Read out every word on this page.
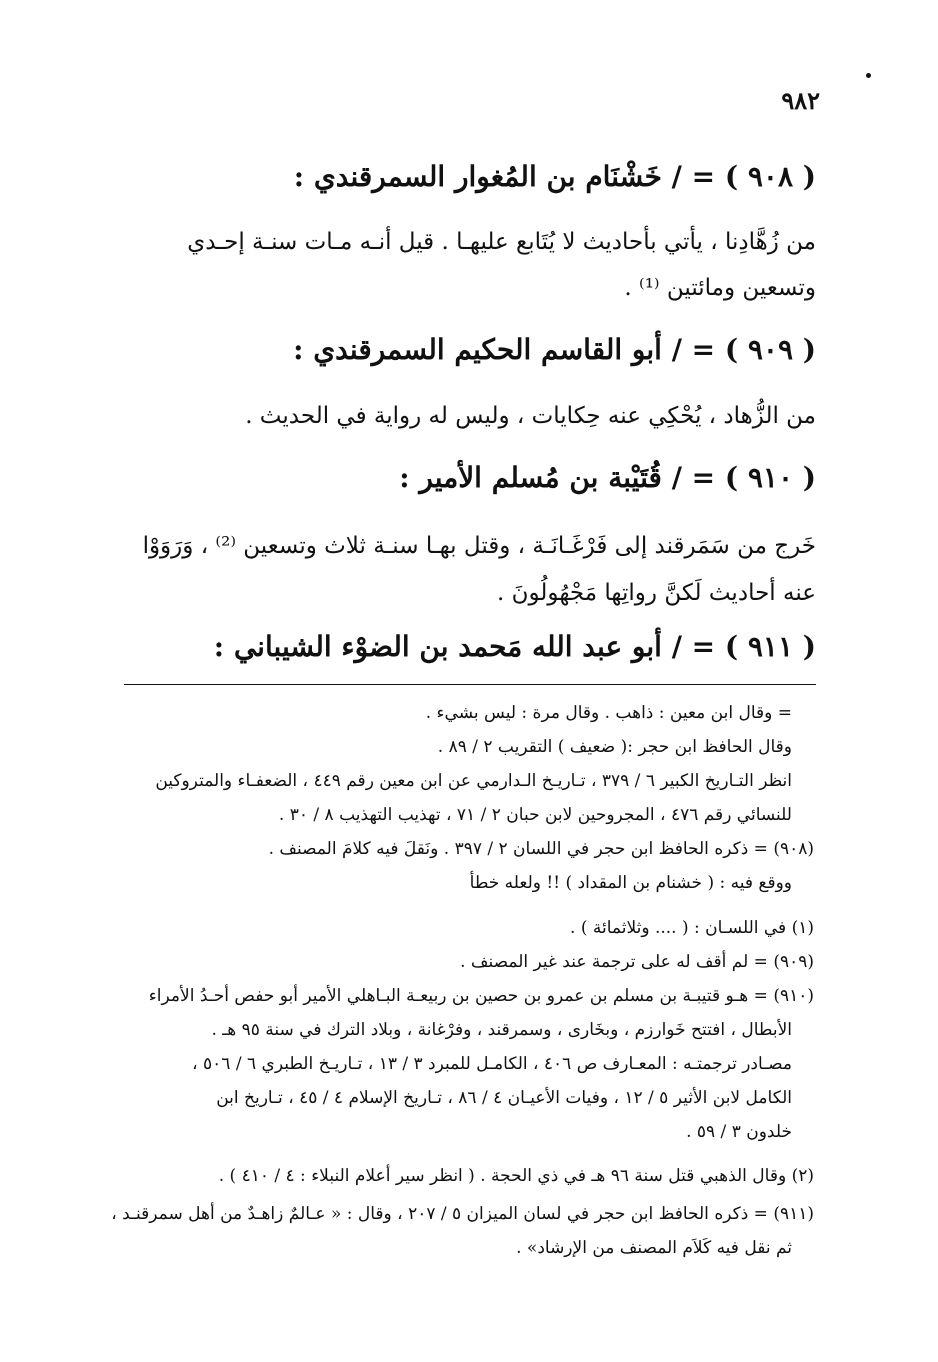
٩٨٢
( ٩٠٨ ) = / خَشْنَام بن المُغوار السمرقندي :
من زُهَّادِنا ، يأتي بأحاديث لا يُتَابع عليهـا . قيل أنـه مـات سنـة إحـدي
وتسعين ومائتين ⁽¹⁾ .
( ٩٠٩ ) = / أبو القاسم الحكيم السمرقندي :
من الزُّهاد ، يُحْكِي عنه حِكايات ، وليس له رواية في الحديث .
( ٩١٠ ) = / قُتَيْبة بن مُسلم الأمير :
خَرج من سَمَرقند إلى فَرْغَـانَـة ، وقتل بهـا سنـة ثلاث وتسعين ⁽²⁾ ، وَرَوَوْا
عنه أحاديث لَكنَّ رواتِها مَجْهُولُونَ .
( ٩١١ ) = / أبو عبد الله مَحمد بن الضوْء الشيباني :
= وقال ابن معين : ذاهب . وقال مرة : ليس بشيء .
وقال الحافظ ابن حجر :( ضعيف ) التقريب ٢ / ٨٩ .
انظر التـاريخ الكبير ٦ / ٣٧٩ ، تـاريـخ الـدارمي عن ابن معين رقم ٤٤٩ ، الضعفـاء والمتروكين
للنسائي رقم ٤٧٦ ، المجروحين لابن حبان ٢ / ٧١ ، تهذيب التهذيب ٨ / ٣٠ .
(٩٠٨) = ذكره الحافظ ابن حجر في اللسان ٢ / ٣٩٧ . ونَقلَ فيه كلامَ المصنف .
ووقع فيه : ( خشنام بن المقداد ) !! ولعله خطأ
(١) في اللسـان : ( .... وثلاثمائة ) .
(٩٠٩) = لم أقف له على ترجمة عند غير المصنف .
(٩١٠) = هـو قتيبـة بن مسلم بن عمرو بن حصين بن ربيعـة البـاهلي الأمير أبو حفص أحـدُ الأمراء
الأبطال ، افتتح خَوارزم ، وبخَارى ، وسمرقند ، وفرْغانة ، وبلاد الترك في سنة ٩٥ هـ .
مصـادر ترجمتـه : المعـارف ص ٤٠٦ ، الكامـل للمبرد ٣ / ١٣ ، تـاريـخ الطبري ٦ / ٥٠٦ ،
الكامل لابن الأثير ٥ / ١٢ ، وفيات الأعيـان ٤ / ٨٦ ، تـاريخ الإسلام ٤ / ٤٥ ، تـاريخ ابن
خلدون ٣ / ٥٩ .
(٢) وقال الذهبي قتل سنة ٩٦ هـ في ذي الحجة . ( انظر سير أعلام النبلاء : ٤ / ٤١٠ ) .
(٩١١) = ذكره الحافظ ابن حجر في لسان الميزان ٥ / ٢٠٧ ، وقال : « عـالمٌ زاهـدٌ من أهل سمرقنـد ،
ثم نقل فيه كَلاَم المصنف من الإرشاد» .
